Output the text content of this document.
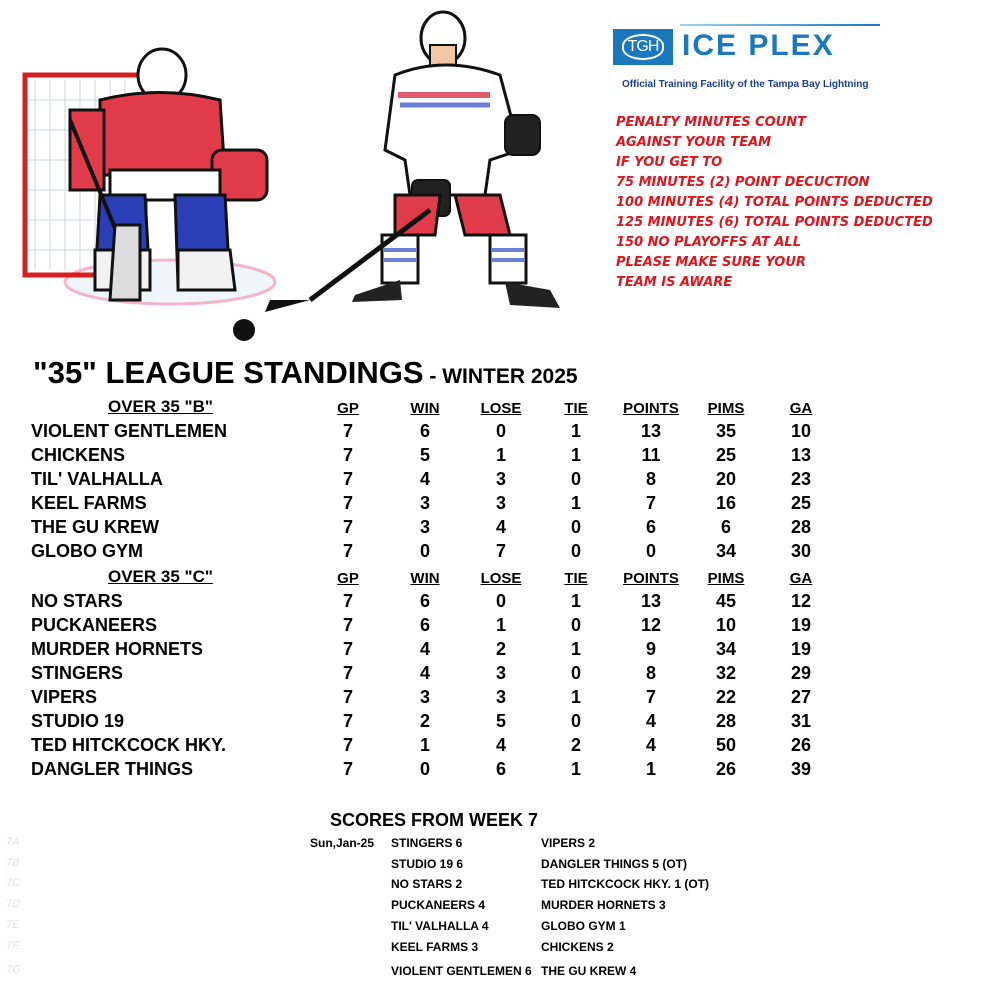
TGH ICE PLEX
Official Training Facility of the Tampa Bay Lightning
PENALTY MINUTES COUNT
AGAINST YOUR TEAM
IF YOU GET TO
75 MINUTES (2) POINT DECUCTION
100 MINUTES (4) TOTAL POINTS DEDUCTED
125 MINUTES (6) TOTAL POINTS DEDUCTED
150 NO PLAYOFFS AT ALL
PLEASE MAKE SURE YOUR
TEAM IS AWARE
"35" LEAGUE STANDINGS - WINTER 2025
OVER 35 "B"	GP	WIN	LOSE	TIE POINTS PIMS	GA
VIOLENT GENTLEMEN	7	6	0	1	13	35	10
CHICKENS	7	5	1	1	11	25	13
TIL' VALHALLA	7	4	3	0	8	20	23
KEEL FARMS	7	3	3	1	7	16	25
THE GU KREW	7	3	4	0	6	6	28
GLOBO GYM	7	0	7	0	0	34	30
OVER 35 "C"	GP	WIN	LOSE	TIE POINTS PIMS	GA
NO STARS	7	6	0	1	13	45	12
PUCKANEERS	7	6	1	0	12	10	19
MURDER HORNETS	7	4	2	1	9	34	19
STINGERS	7	4	3	0	8	32	29
VIPERS	7	3	3	1	7	22	27
STUDIO 19	7	2	5	0	4	28	31
TED HITCKCOCK HKY.	7	1	4	2	4	50	26
DANGLER THINGS	7	0	6	1	1	26	39
SCORES FROM WEEK 7
7A	Sun,Jan-25 STINGERS 6	VIPERS 2
7B	STUDIO 19 6	DANGLER THINGS 5 (OT)
7C	NO STARS 2	TED HITCKCOCK HKY. 1 (OT)
7D	PUCKANEERS 4	MURDER HORNETS 3
7E	TIL' VALHALLA 4	GLOBO GYM 1
7F	KEEL FARMS 3	CHICKENS 2
7G	VIOLENT GENTLEMEN 6 THE GU KREW 4
